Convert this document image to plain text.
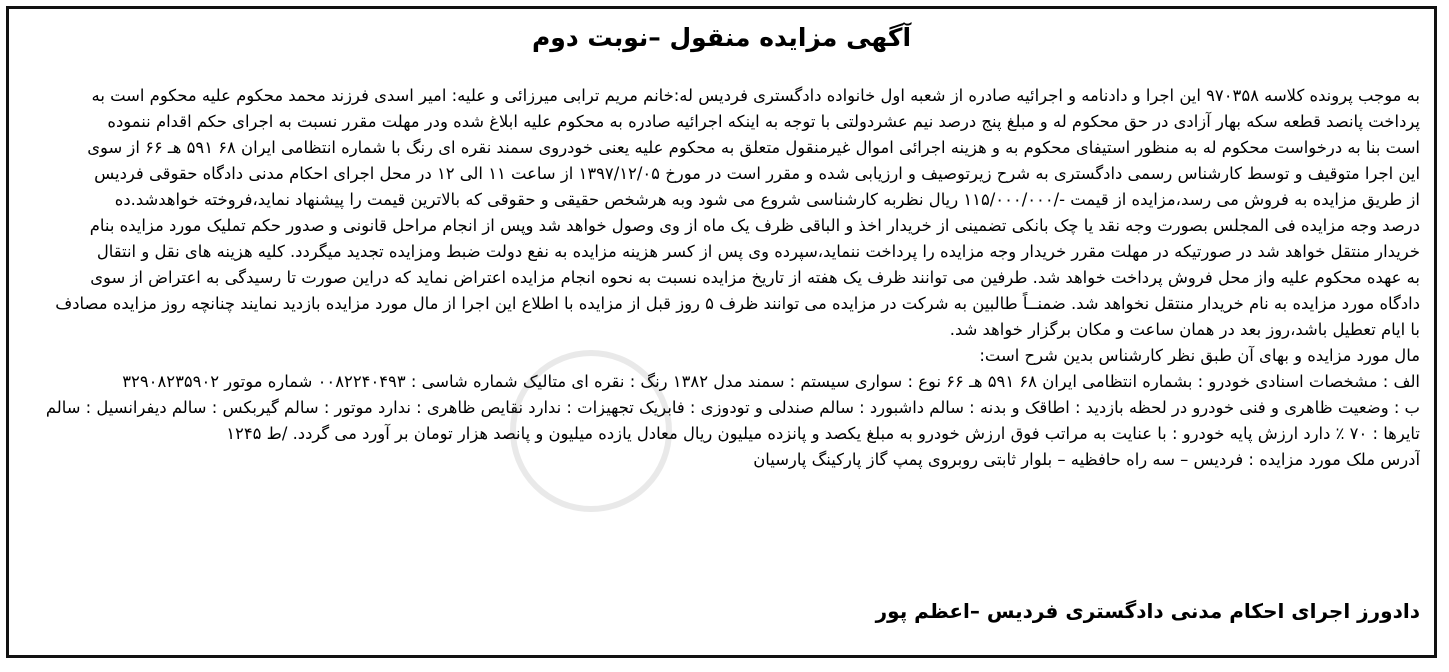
آگهی مزایده منقول –نوبت دوم
به موجب پرونده کلاسه ۹۷۰۳۵۸ این اجرا و دادنامه و اجرائیه صادره از شعبه اول خانواده دادگستری فردیس له:خانم مریم ترابی میرزائی و علیه: امیر اسدی فرزند محمد محکوم علیه محکوم است به
پرداخت پانصد قطعه سکه بهار آزادی در حق محکوم له و مبلغ پنج درصد نیم عشردولتی با توجه به اینکه اجرائیه صادره به محکوم علیه ابلاغ شده ودر مهلت مقرر نسبت به اجرای حکم اقدام ننموده
است بنا به درخواست محکوم له به منظور استیفای محکوم به و هزینه اجرائی اموال غیرمنقول متعلق به محکوم علیه یعنی خودروی سمند نقره ای رنگ با شماره انتظامی ایران ۶۸ ۵۹۱ هـ ۶۶ از سوی
این اجرا متوقیف و توسط کارشناس رسمی دادگستری به شرح زیرتوصیف و ارزیابی شده و مقرر است در مورخ ۱۳۹۷/۱۲/۰۵ از ساعت ۱۱ الی ۱۲ در محل اجرای احکام مدنی دادگاه حقوقی فردیس
از طریق مزایده به فروش می رسد،مزایده از قیمت -/۱۱۵/۰۰۰/۰۰۰ ریال نظربه کارشناسی شروع می شود وبه هرشخص حقیقی و حقوقی که بالاترین قیمت را پیشنهاد نماید،فروخته خواهدشد.ده
درصد وجه مزایده فی المجلس بصورت وجه نقد یا چک بانکی تضمینی از خریدار اخذ و الباقی ظرف یک ماه از وی وصول خواهد شد وپس از انجام مراحل قانونی و صدور حکم تملیک مورد مزایده بنام
خریدار منتقل خواهد شد در صورتیکه در مهلت مقرر خریدار وجه مزایده را پرداخت ننماید،سپرده وی پس از کسر هزینه مزایده به نفع دولت ضبط ومزایده تجدید میگردد. کلیه هزینه های نقل و انتقال
به عهده محکوم علیه واز محل فروش پرداخت خواهد شد. طرفین می توانند ظرف یک هفته از تاریخ مزایده نسبت به نحوه انجام مزایده اعتراض نماید که دراین صورت تا رسیدگی به اعتراض از سوی
دادگاه مورد مزایده به نام خریدار منتقل نخواهد شد. ضمنــاً طالبین به شرکت در مزایده می توانند ظرف ۵ روز قبل از مزایده با اطلاع این اجرا از مال مورد مزایده بازدید نمایند چنانچه روز مزایده مصادف
با ایام تعطیل باشد،روز بعد در همان ساعت و مکان برگزار خواهد شد.
مال مورد مزایده و بهای آن طبق نظر کارشناس بدین شرح است:
الف : مشخصات اسنادی خودرو : بشماره انتظامی ایران ۶۸ ۵۹۱ هـ ۶۶ نوع : سواری سیستم : سمند مدل ۱۳۸۲ رنگ : نقره ای متالیک شماره شاسی : ۰۰۸۲۲۴۰۴۹۳ شماره موتور ۳۲۹۰۸۲۳۵۹۰۲
ب : وضعیت ظاهری و فنی خودرو در لحظه بازدید : اطاقک و بدنه : سالم داشبورد : سالم صندلی و تودوزی : فابریک تجهیزات : ندارد نقایص ظاهری : ندارد موتور : سالم گیربکس : سالم دیفرانسیل : سالم
تایرها : ۷۰ ٪ دارد ارزش پایه خودرو : با عنایت به مراتب فوق ارزش خودرو به مبلغ یکصد و پانزده میلیون ریال معادل یازده میلیون و پانصد هزار تومان بر آورد می گردد. /ط ۱۲۴۵
آدرس ملک مورد مزایده : فردیس – سه راه حافظیه – بلوار ثابتی روبروی پمپ گاز پارکینگ پارسیان
دادورز اجرای احکام مدنی دادگستری فردیس –اعظم پور
